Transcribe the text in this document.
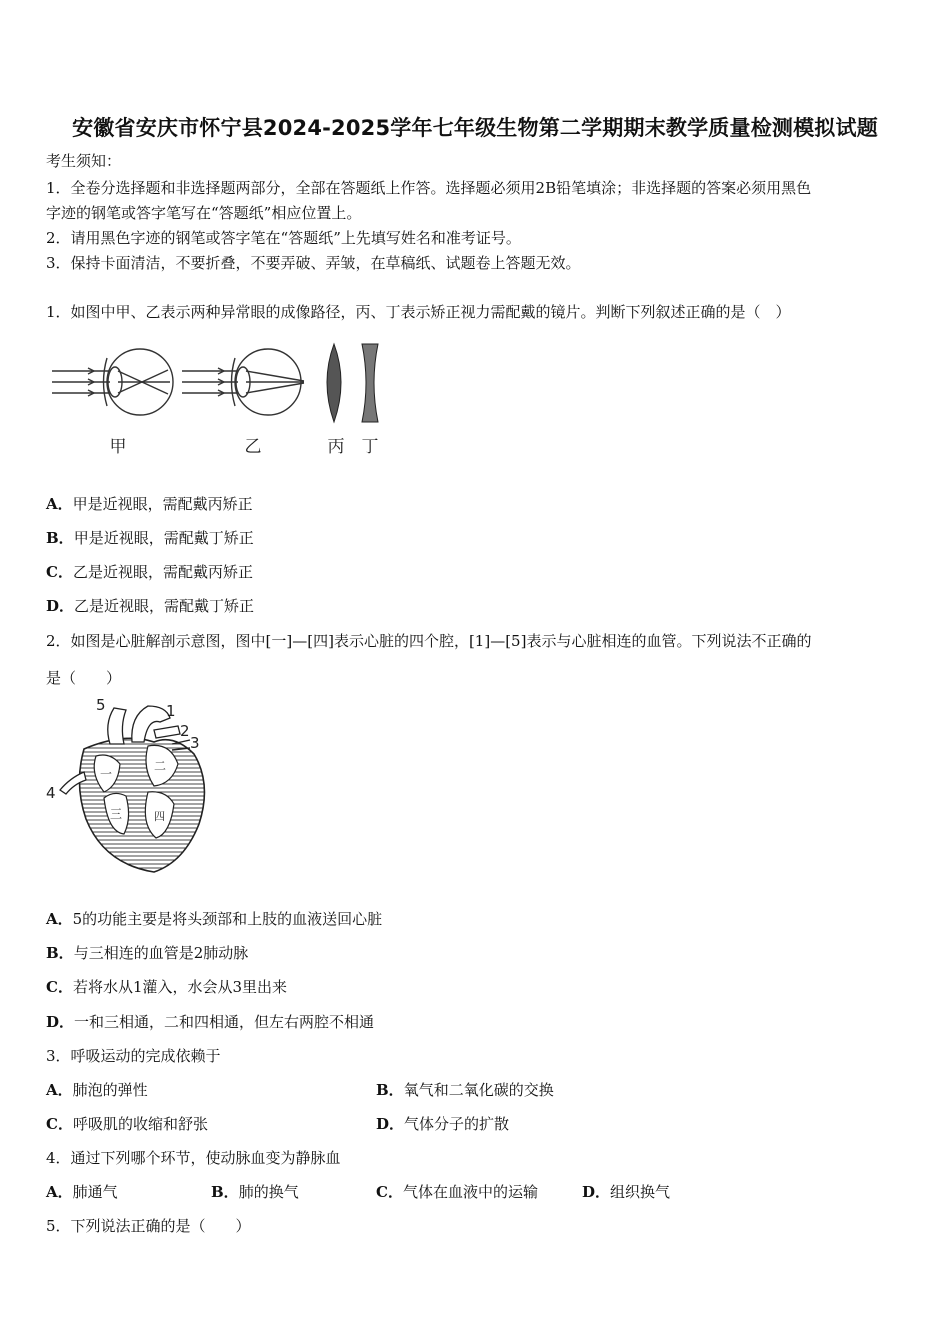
安徽省安庆市怀宁县2024-2025学年七年级生物第二学期期末教学质量检测模拟试题
考生须知：
1．全卷分选择题和非选择题两部分，全部在答题纸上作答。选择题必须用2B铅笔填涂；非选择题的答案必须用黑色
字迹的钢笔或答字笔写在“答题纸”相应位置上。
2．请用黑色字迹的钢笔或答字笔在“答题纸”上先填写姓名和准考证号。
3．保持卡面清洁，不要折叠，不要弄破、弄皱，在草稿纸、试题卷上答题无效。
1．如图中甲、乙表示两种异常眼的成像路径，丙、丁表示矫正视力需配戴的镜片。判断下列叙述正确的是（　）
甲	乙	丙 丁
A．甲是近视眼，需配戴丙矫正
B．甲是近视眼，需配戴丁矫正
C．乙是近视眼，需配戴丙矫正
D．乙是近视眼，需配戴丁矫正
2．如图是心脏解剖示意图，图中[一]—[四]表示心脏的四个腔，[1]—[5]表示与心脏相连的血管。下列说法不正确的
是（　　）
1
2
3
4
5
一
二
三	四
A．5的功能主要是将头颈部和上肢的血液送回心脏
B．与三相连的血管是2肺动脉
C．若将水从1灌入，水会从3里出来
D．一和三相通，二和四相通，但左右两腔不相通
3．呼吸运动的完成依赖于
A．肺泡的弹性	B．氧气和二氧化碳的交换
C．呼吸肌的收缩和舒张	D．气体分子的扩散
4．通过下列哪个环节，使动脉血变为静脉血
A．肺通气	B．肺的换气	C．气体在血液中的运输	D．组织换气
5．下列说法正确的是（　　）
